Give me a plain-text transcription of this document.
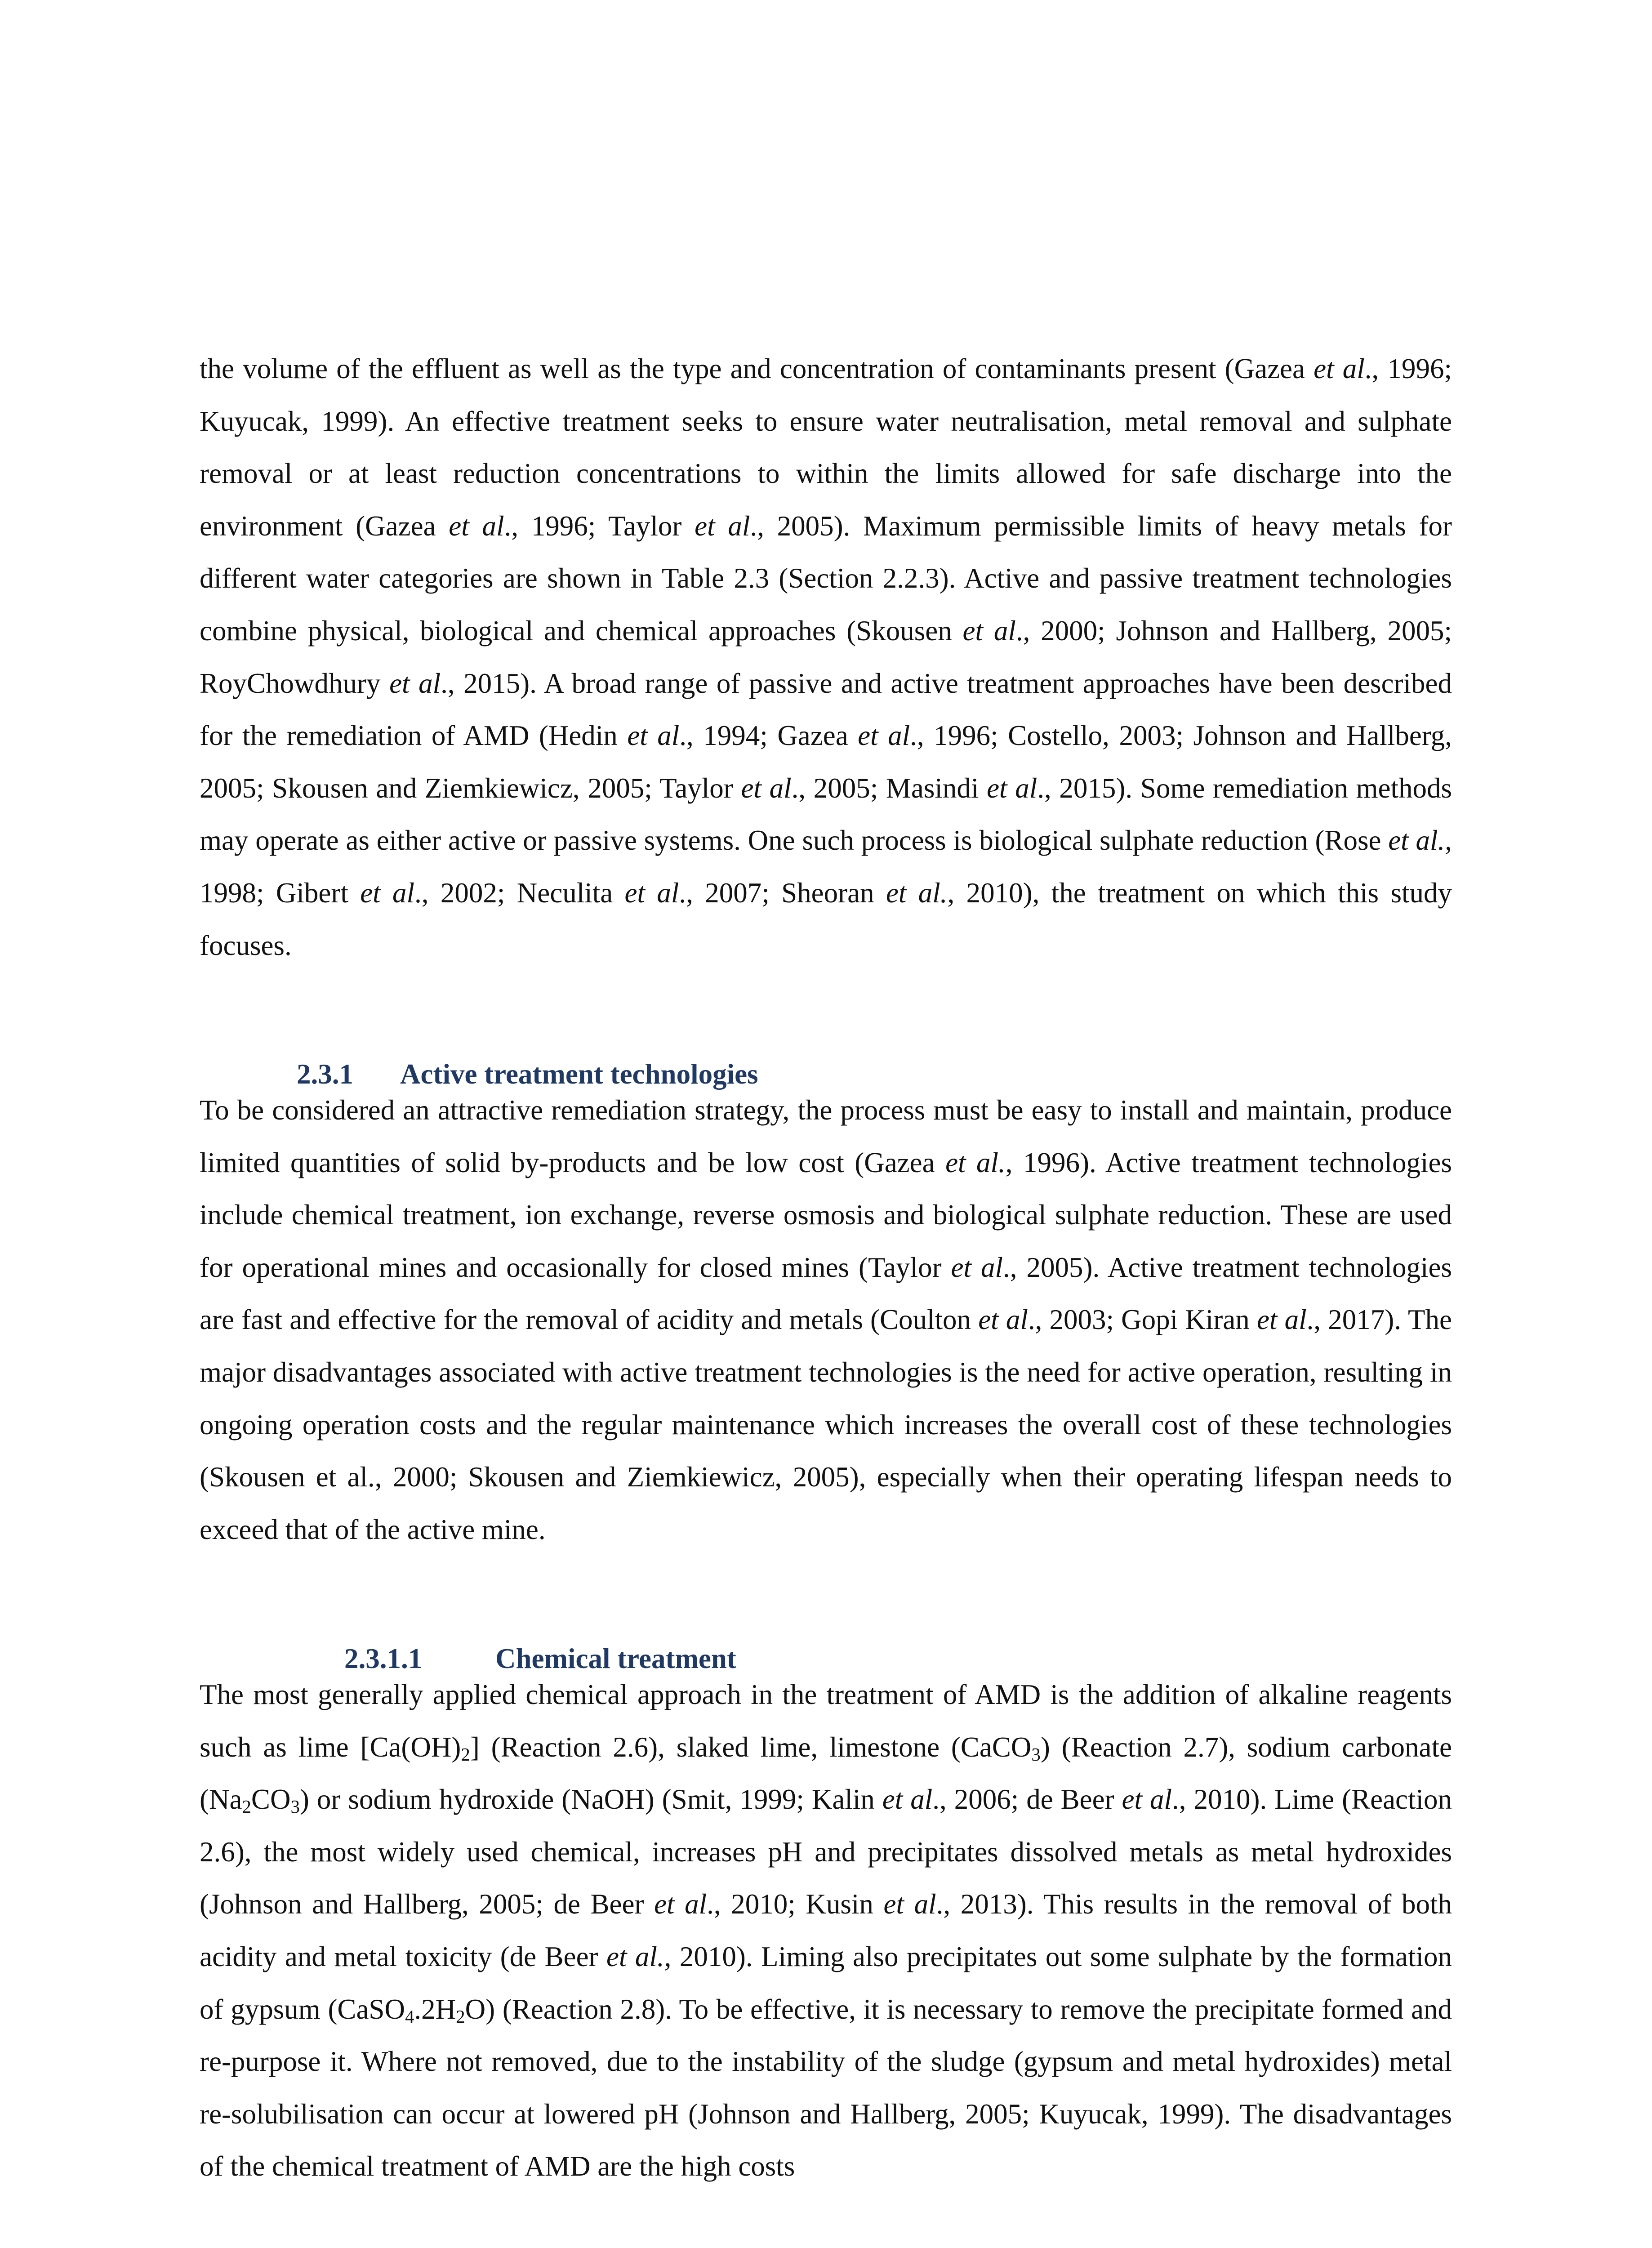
the volume of the effluent as well as the type and concentration of contaminants present (Gazea et al., 1996; Kuyucak, 1999). An effective treatment seeks to ensure water neutralisation, metal removal and sulphate removal or at least reduction concentrations to within the limits allowed for safe discharge into the environment (Gazea et al., 1996; Taylor et al., 2005). Maximum permissible limits of heavy metals for different water categories are shown in Table 2.3 (Section 2.2.3). Active and passive treatment technologies combine physical, biological and chemical approaches (Skousen et al., 2000; Johnson and Hallberg, 2005; RoyChowdhury et al., 2015). A broad range of passive and active treatment approaches have been described for the remediation of AMD (Hedin et al., 1994; Gazea et al., 1996; Costello, 2003; Johnson and Hallberg, 2005; Skousen and Ziemkiewicz, 2005; Taylor et al., 2005; Masindi et al., 2015). Some remediation methods may operate as either active or passive systems. One such process is biological sulphate reduction (Rose et al., 1998; Gibert et al., 2002; Neculita et al., 2007; Sheoran et al., 2010), the treatment on which this study focuses.

2.3.1 Active treatment technologies

To be considered an attractive remediation strategy, the process must be easy to install and maintain, produce limited quantities of solid by-products and be low cost (Gazea et al., 1996). Active treatment technologies include chemical treatment, ion exchange, reverse osmosis and biological sulphate reduction. These are used for operational mines and occasionally for closed mines (Taylor et al., 2005). Active treatment technologies are fast and effective for the removal of acidity and metals (Coulton et al., 2003; Gopi Kiran et al., 2017). The major disadvantages associated with active treatment technologies is the need for active operation, resulting in ongoing operation costs and the regular maintenance which increases the overall cost of these technologies (Skousen et al., 2000; Skousen and Ziemkiewicz, 2005), especially when their operating lifespan needs to exceed that of the active mine.

2.3.1.1	Chemical treatment

The most generally applied chemical approach in the treatment of AMD is the addition of alkaline reagents such as lime $[Ca(OH)_2]$ (Reaction 2.6), slaked lime, limestone (CaCO$_3$) (Reaction 2.7), sodium carbonate $(Na_2CO_3)$ or sodium hydroxide (NaOH) (Smit, 1999; Kalin et al., 2006; de Beer et al., 2010). Lime (Reaction 2.6), the most widely used chemical, increases pH and precipitates dissolved metals as metal hydroxides (Johnson and Hallberg, 2005; de Beer et al., 2010; Kusin et al., 2013). This results in the removal of both acidity and metal toxicity (de Beer et al., 2010). Liming also precipitates out some sulphate by the formation of gypsum $(CaSO_4.2H_2O)$ (Reaction 2.8). To be effective, it is necessary to remove the precipitate formed and re-purpose it. Where not removed, due to the instability of the sludge (gypsum and metal hydroxides) metal re-solubilisation can occur at lowered pH (Johnson and Hallberg, 2005; Kuyucak, 1999). The disadvantages of the chemical treatment of AMD are the high costs
